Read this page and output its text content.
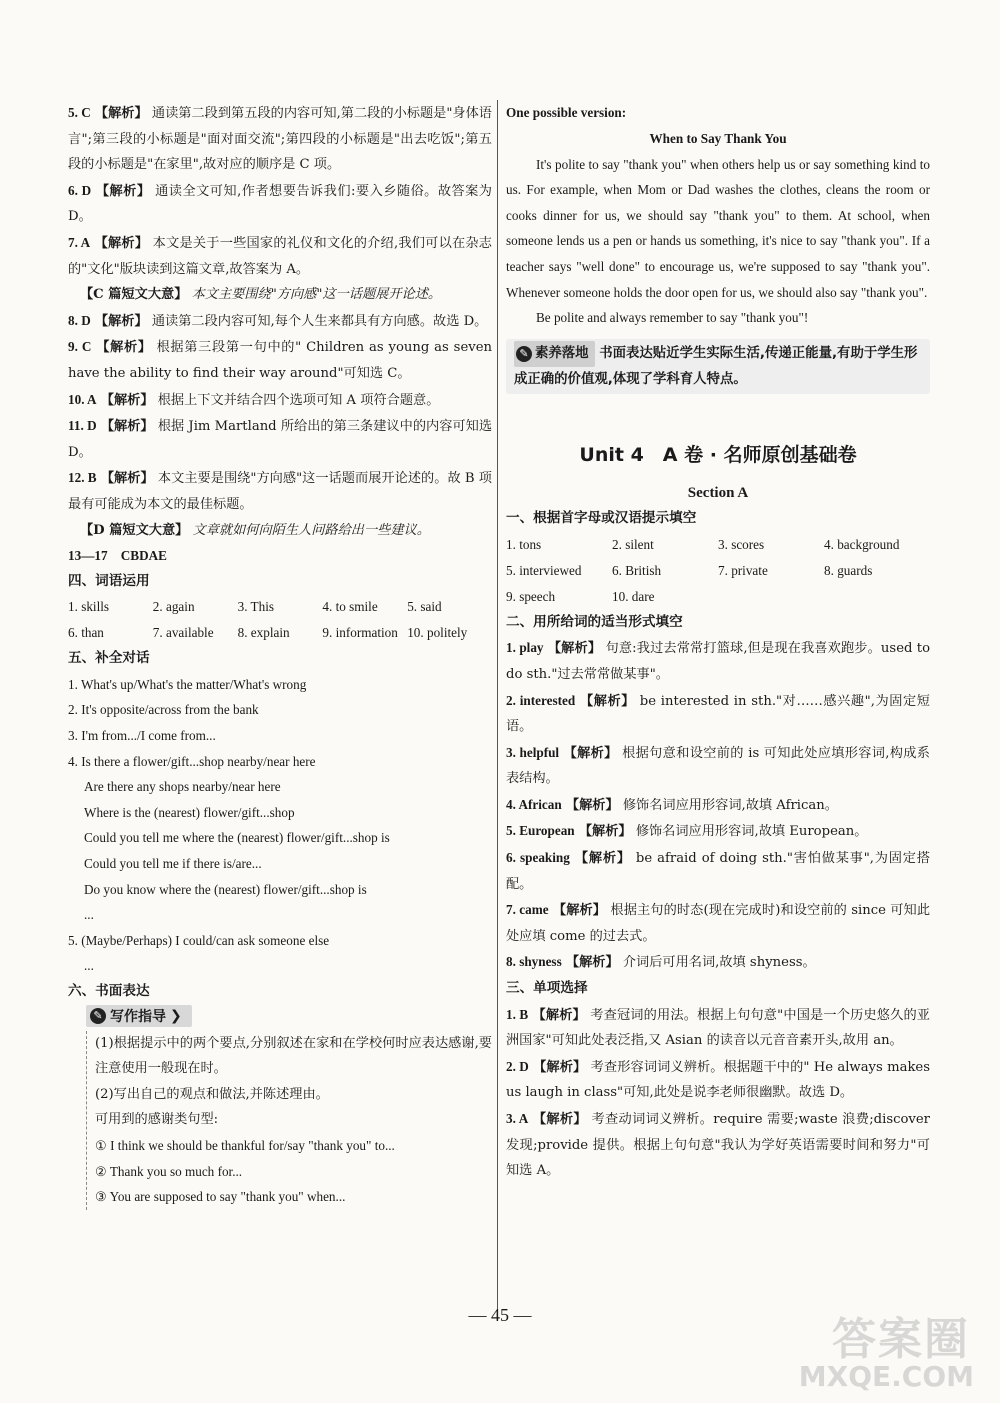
5. C 【解析】 通读第二段到第五段的内容可知,第二段的小标题是"身体语言";第三段的小标题是"面对面交流";第四段的小标题是"出去吃饭";第五段的小标题是"在家里",故对应的顺序是 C 项。

6. D 【解析】 通读全文可知,作者想要告诉我们:要入乡随俗。故答案为 D。

7. A 【解析】 本文是关于一些国家的礼仪和文化的介绍,我们可以在杂志的"文化"版块读到这篇文章,故答案为 A。

【C 篇短文大意】 本文主要围绕"方向感"这一话题展开论述。

8. D 【解析】 通读第二段内容可知,每个人生来都具有方向感。故选 D。

9. C 【解析】 根据第三段第一句中的" Children as young as seven have the ability to find their way around"可知选 C。

10. A 【解析】 根据上下文并结合四个选项可知 A 项符合题意。

11. D 【解析】 根据 Jim Martland 所给出的第三条建议中的内容可知选 D。

12. B 【解析】 本文主要是围绕"方向感"这一话题而展开论述的。故 B 项最有可能成为本文的最佳标题。

【D 篇短文大意】 文章就如何向陌生人问路给出一些建议。

13—17　CBDAE

四、词语运用

1. skills	2. again	3. This	4. to smile	5. said
6. than	7. available	8. explain	9. information 10. politely

五、补全对话

1. What's up/What's the matter/What's wrong

2. It's opposite/across from the bank

3. I'm from.../I come from...

4. Is there a flower/gift...shop nearby/near here

Are there any shops nearby/near here

Where is the (nearest) flower/gift...shop

Could you tell me where the (nearest) flower/gift...shop is

Could you tell me if there is/are...

Do you know where the (nearest) flower/gift...shop is

...

5. (Maybe/Perhaps) I could/can ask someone else

...

六、书面表达

✎ 写作指导 ❯

(1)根据提示中的两个要点,分别叙述在家和在学校何时应表达感谢,要注意使用一般现在时。

(2)写出自己的观点和做法,并陈述理由。

可用到的感谢类句型:

① I think we should be thankful for/say "thank you" to...

② Thank you so much for...

③ You are supposed to say "thank you" when...

One possible version:

When to Say Thank You

It's polite to say "thank you" when others help us or say something kind to us. For example, when Mom or Dad washes the clothes, cleans the room or cooks dinner for us, we should say "thank you" to them. At school, when someone lends us a pen or hands us something, it's nice to say "thank you". If a teacher says "well done" to encourage us, we're supposed to say "thank you". Whenever someone holds the door open for us, we should also say "thank you".

Be polite and always remember to say "thank you"!

✎ 素养落地 书面表达贴近学生实际生活,传递正能量,有助于学生形成正确的价值观,体现了学科育人特点。

Unit 4　A 卷 · 名师原创基础卷

Section A

一、根据首字母或汉语提示填空

1. tons	2. silent	3. scores	4. background
5. interviewed	6. British	7. private	8. guards
9. speech	10. dare

二、用所给词的适当形式填空

1. play 【解析】 句意:我过去常常打篮球,但是现在我喜欢跑步。used to do sth."过去常常做某事"。

2. interested 【解析】 be interested in sth."对……感兴趣",为固定短语。

3. helpful 【解析】 根据句意和设空前的 is 可知此处应填形容词,构成系表结构。

4. African 【解析】 修饰名词应用形容词,故填 African。

5. European 【解析】 修饰名词应用形容词,故填 European。

6. speaking 【解析】 be afraid of doing sth."害怕做某事",为固定搭配。

7. came 【解析】 根据主句的时态(现在完成时)和设空前的 since 可知此处应填 come 的过去式。

8. shyness 【解析】 介词后可用名词,故填 shyness。

三、单项选择

1. B 【解析】 考查冠词的用法。根据上句句意"中国是一个历史悠久的亚洲国家"可知此处表泛指,又 Asian 的读音以元音音素开头,故用 an。

2. D 【解析】 考查形容词词义辨析。根据题干中的" He always makes us laugh in class"可知,此处是说李老师很幽默。故选 D。

3. A 【解析】 考查动词词义辨析。require 需要;waste 浪费;discover 发现;provide 提供。根据上句句意"我认为学好英语需要时间和努力"可知选 A。

— 45 —	答案圈
MXQE.COM
